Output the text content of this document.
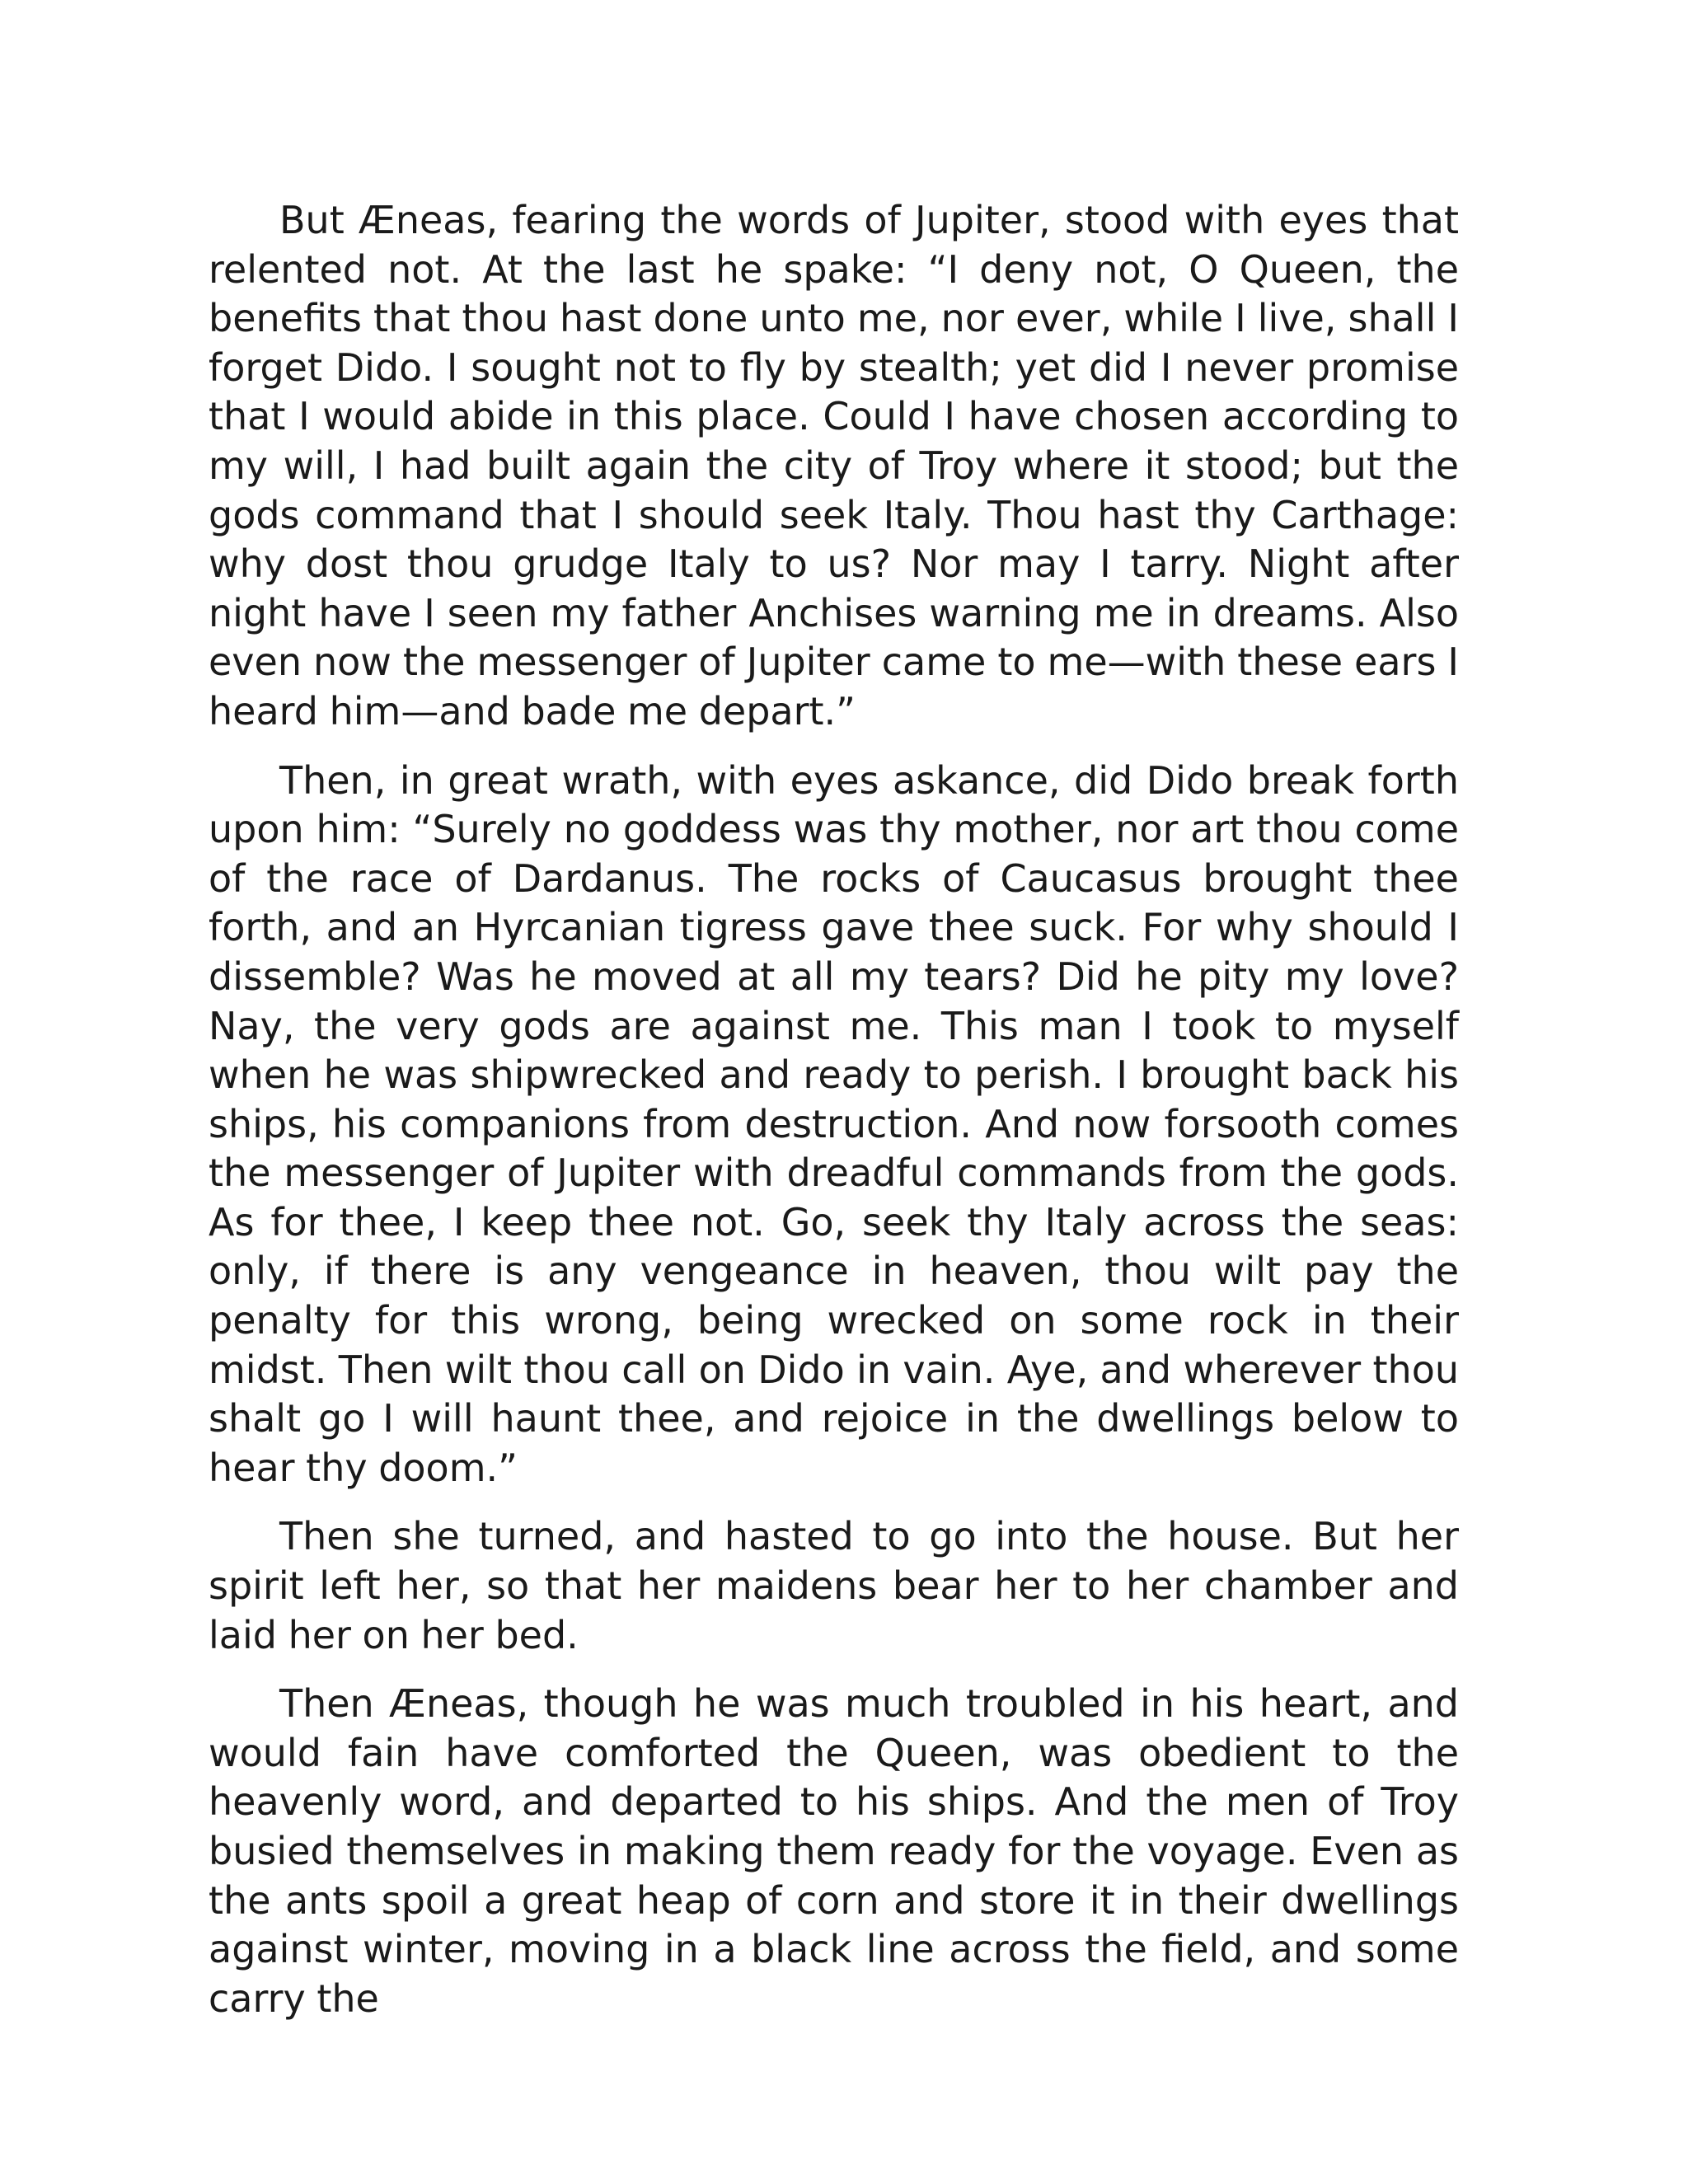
But Æneas, fearing the words of Jupiter, stood with eyes that relented not. At the last he spake: “I deny not, O Queen, the benefits that thou hast done unto me, nor ever, while I live, shall I forget Dido. I sought not to fly by stealth; yet did I never promise that I would abide in this place. Could I have chosen according to my will, I had built again the city of Troy where it stood; but the gods command that I should seek Italy. Thou hast thy Carthage: why dost thou grudge Italy to us? Nor may I tarry. Night after night have I seen my father Anchises warning me in dreams. Also even now the messenger of Jupiter came to me—with these ears I heard him—and bade me depart.”

Then, in great wrath, with eyes askance, did Dido break forth upon him: “Surely no goddess was thy mother, nor art thou come of the race of Dardanus. The rocks of Caucasus brought thee forth, and an Hyrcanian tigress gave thee suck. For why should I dissemble? Was he moved at all my tears? Did he pity my love? Nay, the very gods are against me. This man I took to myself when he was shipwrecked and ready to perish. I brought back his ships, his companions from destruction. And now forsooth comes the messenger of Jupiter with dreadful commands from the gods. As for thee, I keep thee not. Go, seek thy Italy across the seas: only, if there is any vengeance in heaven, thou wilt pay the penalty for this wrong, being wrecked on some rock in their midst. Then wilt thou call on Dido in vain. Aye, and wherever thou shalt go I will haunt thee, and rejoice in the dwellings below to hear thy doom.”

Then she turned, and hasted to go into the house. But her spirit left her, so that her maidens bear her to her chamber and laid her on her bed.

Then Æneas, though he was much troubled in his heart, and would fain have comforted the Queen, was obedient to the heavenly word, and departed to his ships. And the men of Troy busied themselves in making them ready for the voyage. Even as the ants spoil a great heap of corn and store it in their dwellings against winter, moving in a black line across the field, and some carry the
